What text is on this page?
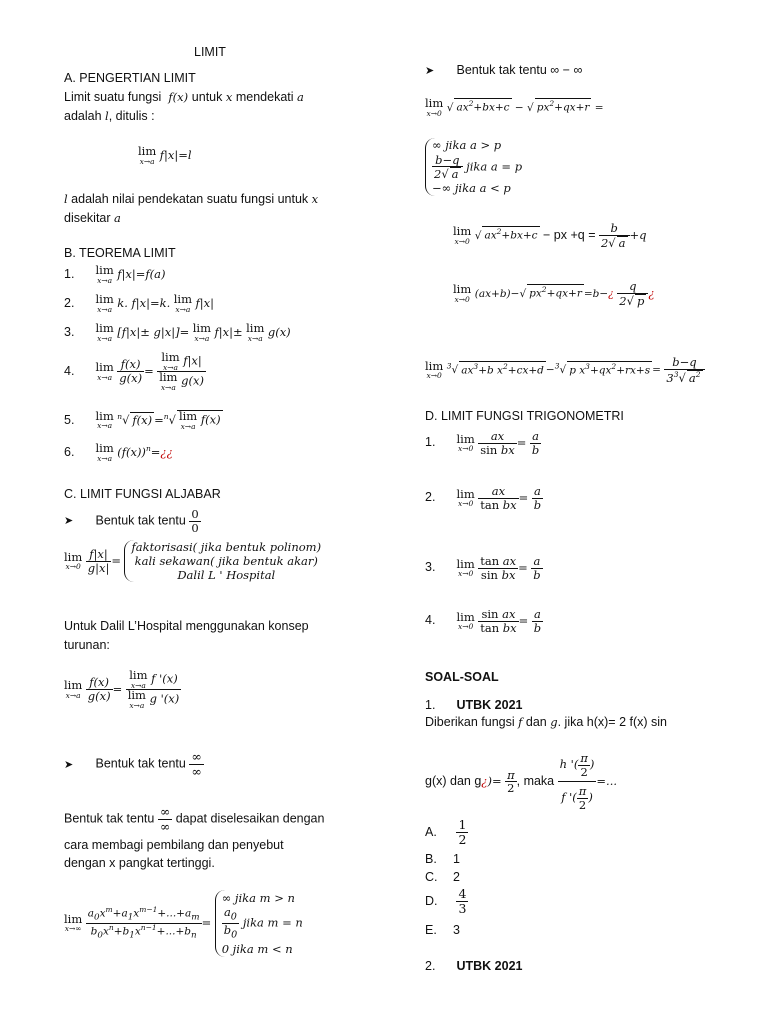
LIMIT
A. PENGERTIAN LIMIT
Limit suatu fungsi  f(x) untuk x mendekati a
adalah l, ditulis :
lim
x→a f|x|=l
l adalah nilai pendekatan suatu fungsi untuk x
disekitar a
B. TEOREMA LIMIT
1. lim
x→a f|x|=f(a)
2. lim
x→a k. f|x|=k. lim
x→a f|x|
3. lim
x→a [f|x|± g|x|]= lim
x→a f|x|± lim
x→a g(x)
4. lim
x→a
$\frac{f(x)}{g(x)} = \lim$
x→a f|x|
lim
x→a g(x)
5. lim
x→a
$^n$√ f(x) =$^n$√ lim
x→a f(x)
6. lim
x→a $(f(x))^n=¿¿$
C. LIMIT FUNGSI ALJABAR
➤ Bentuk tak tentu $\frac{0}{0}$
lim
x→0
$\frac{f|x|}{g|x|}$ =
faktorisasi( jika bentuk polinom)
kali sekawan( jika bentuk akar)
Dalil L ' Hospital
Untuk Dalil L’Hospital menggunakan konsep
turunan:
lim
x→a
$\frac{f(x)}{g(x)} = \lim$
x→a f '(x)
lim
x→a g '(x)
➤ Bentuk tak tentu $\frac{\infty}{\infty}$
Bentuk tak tentu $\frac{\infty}{\infty}$ dapat diselesaikan dengan
cara membagi pembilang dan penyebut
dengan x pangkat tertinggi.
lim
x→∞
$\frac{a_0x^m+a_1x^{m-1}+...+a_m}{b_0x^n+b_1x^{n-1}+...+b_n}$ =
∞ jika m > n
$\frac{a_0}{b_0}$ jika m = n
0 jika m < n
➤ Bentuk tak tentu ∞ − ∞
lim
x→0 √ $ax^2+bx+c$ − √ $px^2+qx+r$ =
∞ jika a > p
$\frac{b-q}{2√ a}$ jika a = p
−∞ jika a < p
lim
x→0 √ $ax^2+bx+c$ − px $+q = \frac{b}{2√ a} +q$
lim
x→0 (ax+b)−√ $px^2+qx+r$ =b−¿ $\frac{q}{2√ p}$ ¿
lim
x→0
$^3$√ $ax^3+b$ $x^2+cx+d -^3√$ p $x^3+qx^2+rx+s = \frac{b-q}{3^3√ a^2}$
D. LIMIT FUNGSI TRIGONOMETRI
1. lim
x→0
$\frac{ax}{\text{sin bx}} = \frac{a}{b}$
2. lim
x→0
$\frac{ax}{\text{tan bx}} = \frac{a}{b}$
3. lim
x→0
$\frac{\text{tan ax}}{\text{sin bx}} = \frac{a}{b}$
4. lim
x→0
$\frac{\text{sin ax}}{\text{tan bx}} = \frac{a}{b}$
SOAL-SOAL
1. UTBK 2021
Diberikan fungsi f dan g. jika h(x)= 2 f(x) sin
g(x) dan g¿)= $\frac{\pi}{2}$ , maka $\frac{h '( \frac{\pi}{2} )}{f '( \frac{\pi}{2} )}$ =...
A. $\frac{1}{2}$
B. 1
C. 2
D. $\frac{4}{3}$
E. 3
2. UTBK 2021
